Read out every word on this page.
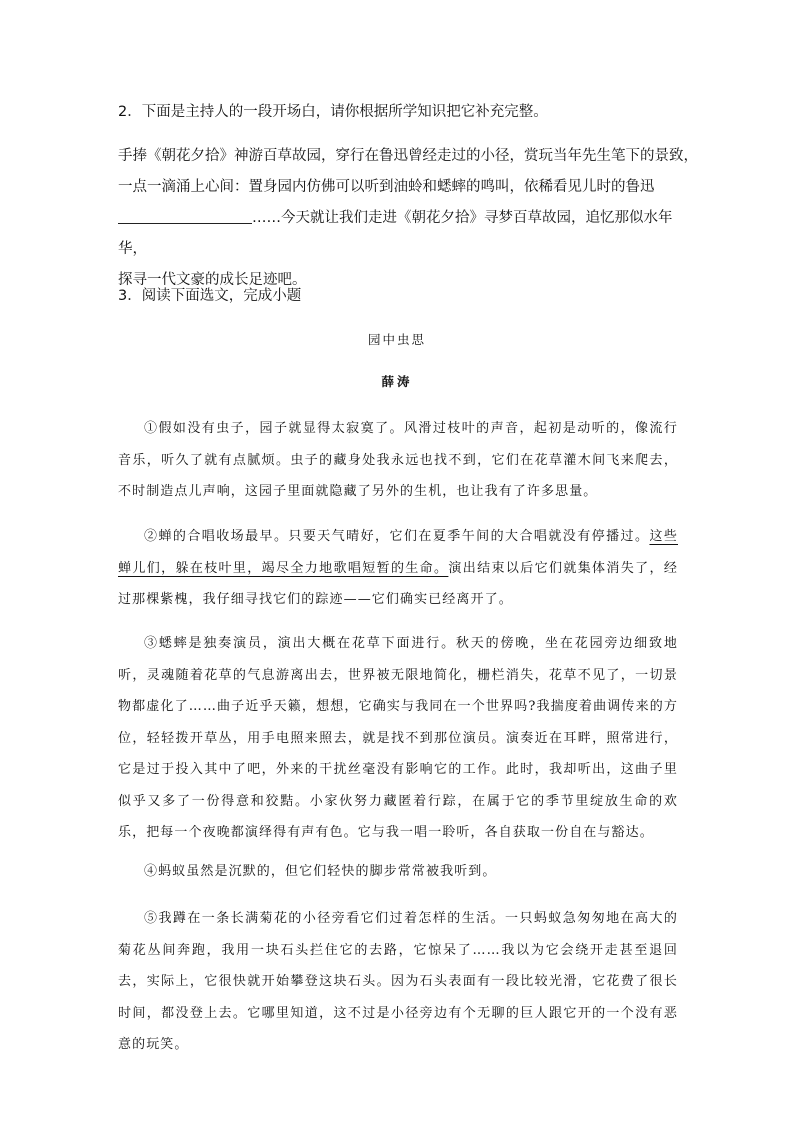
2．下面是主持人的一段开场白，请你根据所学知识把它补充完整。

手捧《朝花夕拾》神游百草故园，穿行在鲁迅曾经走过的小径，赏玩当年先生笔下的景致，
一点一滴涌上心间：置身园内仿佛可以听到油蛉和蟋蟀的鸣叫，依稀看见儿时的鲁迅
……今天就让我们走进《朝花夕拾》寻梦百草故园，追忆那似水年华，
探寻一代文豪的成长足迹吧。

3．阅读下面选文，完成小题

园中虫思

薛涛

①假如没有虫子，园子就显得太寂寞了。风滑过枝叶的声音，起初是动听的，像流行音乐，听久了就有点腻烦。虫子的藏身处我永远也找不到，它们在花草灌木间飞来爬去，不时制造点儿声响，这园子里面就隐藏了另外的生机，也让我有了许多思量。

②蝉的合唱收场最早。只要天气晴好，它们在夏季午间的大合唱就没有停播过。这些蝉儿们，躲在枝叶里，竭尽全力地歌唱短暂的生命。演出结束以后它们就集体消失了，经过那棵紫槐，我仔细寻找它们的踪迹——它们确实已经离开了。

③蟋蟀是独奏演员，演出大概在花草下面进行。秋天的傍晚，坐在花园旁边细致地听，灵魂随着花草的气息游离出去，世界被无限地简化，栅栏消失，花草不见了，一切景物都虚化了……曲子近乎天籁，想想，它确实与我同在一个世界吗?我揣度着曲调传来的方位，轻轻拨开草丛，用手电照来照去，就是找不到那位演员。演奏近在耳畔，照常进行，它是过于投入其中了吧，外来的干扰丝毫没有影响它的工作。此时，我却听出，这曲子里似乎又多了一份得意和狡黠。小家伙努力藏匿着行踪，在属于它的季节里绽放生命的欢乐，把每一个夜晚都演绎得有声有色。它与我一唱一聆听，各自获取一份自在与豁达。

④蚂蚁虽然是沉默的，但它们轻快的脚步常常被我听到。

⑤我蹲在一条长满菊花的小径旁看它们过着怎样的生活。一只蚂蚁急匆匆地在高大的菊花丛间奔跑，我用一块石头拦住它的去路，它惊呆了……我以为它会绕开走甚至退回去，实际上，它很快就开始攀登这块石头。因为石头表面有一段比较光滑，它花费了很长时间，都没登上去。它哪里知道，这不过是小径旁边有个无聊的巨人跟它开的一个没有恶意的玩笑。
